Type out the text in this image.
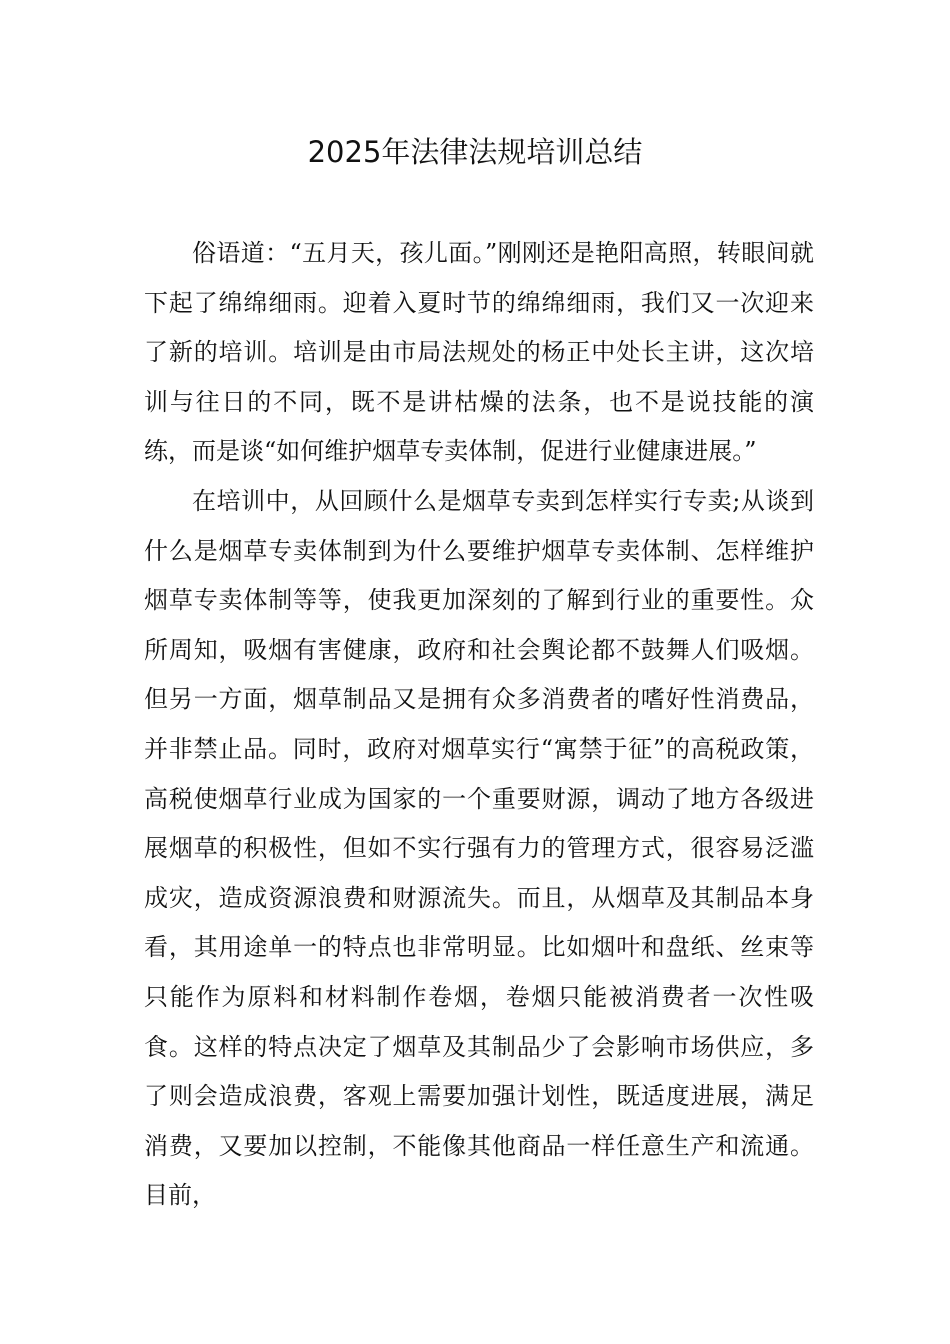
2025年法律法规培训总结

俗语道：“五月天，孩儿面。”刚刚还是艳阳高照，转眼间就下起了绵绵细雨。迎着入夏时节的绵绵细雨，我们又一次迎来了新的培训。培训是由市局法规处的杨正中处长主讲，这次培训与往日的不同，既不是讲枯燥的法条，也不是说技能的演练，而是谈“如何维护烟草专卖体制，促进行业健康进展。”

在培训中，从回顾什么是烟草专卖到怎样实行专卖;从谈到什么是烟草专卖体制到为什么要维护烟草专卖体制、怎样维护烟草专卖体制等等，使我更加深刻的了解到行业的重要性。众所周知，吸烟有害健康，政府和社会舆论都不鼓舞人们吸烟。但另一方面，烟草制品又是拥有众多消费者的嗜好性消费品，并非禁止品。同时，政府对烟草实行“寓禁于征”的高税政策，高税使烟草行业成为国家的一个重要财源，调动了地方各级进展烟草的积极性，但如不实行强有力的管理方式，很容易泛滥成灾，造成资源浪费和财源流失。而且，从烟草及其制品本身看，其用途单一的特点也非常明显。比如烟叶和盘纸、丝束等只能作为原料和材料制作卷烟，卷烟只能被消费者一次性吸食。这样的特点决定了烟草及其制品少了会影响市场供应，多了则会造成浪费，客观上需要加强计划性，既适度进展，满足消费，又要加以控制，不能像其他商品一样任意生产和流通。目前，
